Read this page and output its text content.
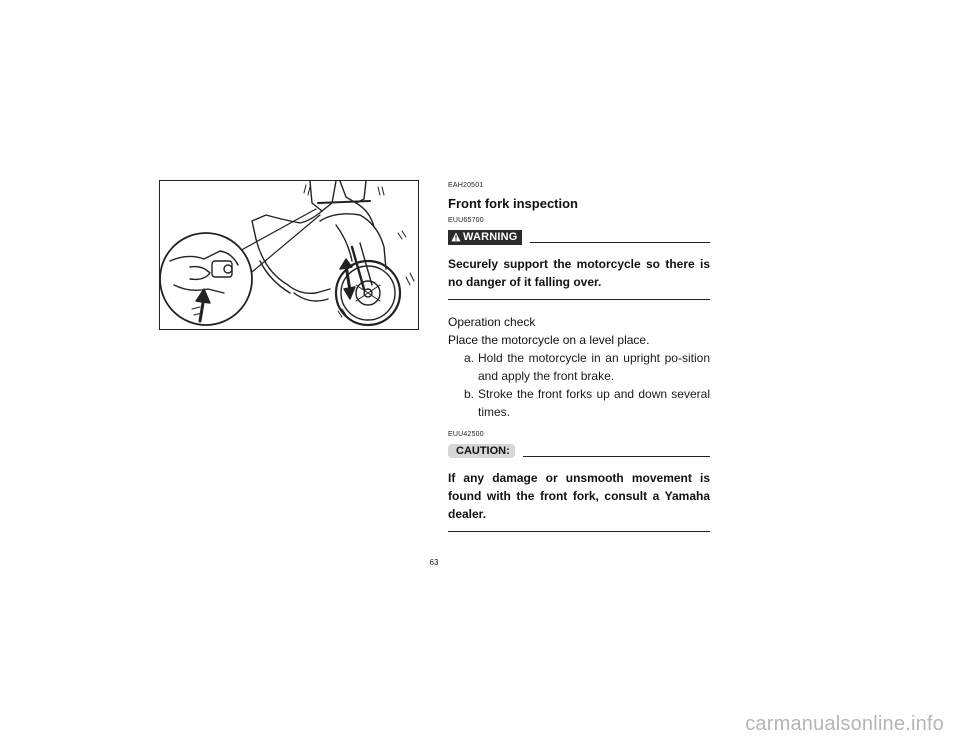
EAH20501
Front fork inspection
EUU65700
WARNING
Securely support the motorcycle so there is no danger of it falling over.
Operation check
Place the motorcycle on a level place.
a. Hold the motorcycle in an upright po-sition and apply the front brake.
b. Stroke the front forks up and down several times.
EUU42500
CAUTION:
If any damage or unsmooth movement is found with the front fork, consult a Yamaha dealer.
63
carmanualsonline.info
